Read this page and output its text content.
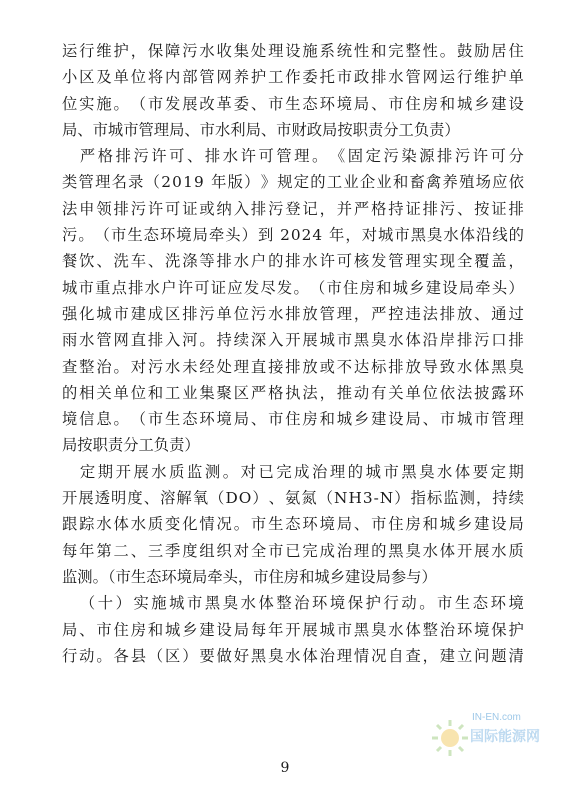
运 行 维 护 ， 保 障 污 水 收 集 处 理 设 施 系 统 性 和 完 整 性 。 鼓 励 居 住
小 区 及 单 位 将 内 部 管 网 养 护 工 作 委 托 市 政 排 水 管 网 运 行 维 护 单
位 实 施 。 （ 市 发 展 改 革 委 、 市 生 态 环 境 局 、 市 住 房 和 城 乡 建 设
局、市城市管理局、市水利局、市财政局按职责分工负责）

严 格 排 污 许 可 、 排 水 许 可 管 理 。 《 固 定 污 染 源 排 污 许 可 分
类 管 理 名 录 （ 2 0 1 9
年 版 ） 》 规 定 的 工 业 企 业 和 畜 禽 养 殖 场 应 依
法 申 领 排 污 许 可 证 或 纳 入 排 污 登 记 ， 并 严 格 持 证 排 污 、 按 证 排
污 。 （ 市 生 态 环 境 局 牵 头 ） 到
2 0 2 4
年 ， 对 城 市 黑 臭 水 体 沿 线 的
餐 饮 、 洗 车 、 洗 涤 等 排 水 户 的 排 水 许 可 核 发 管 理 实 现 全 覆 盖 ，
城 市 重 点 排 水 户 许 可 证 应 发 尽 发 。 （ 市 住 房 和 城 乡 建 设 局 牵 头 ）
强 化 城 市 建 成 区 排 污 单 位 污 水 排 放 管 理 ， 严 控 违 法 排 放 、 通 过
雨 水 管 网 直 排 入 河 。 持 续 深 入 开 展 城 市 黑 臭 水 体 沿 岸 排 污 口 排
查 整 治 。 对 污 水 未 经 处 理 直 接 排 放 或 不 达 标 排 放 导 致 水 体 黑 臭
的 相 关 单 位 和 工 业 集 聚 区 严 格 执 法 ， 推 动 有 关 单 位 依 法 披 露 环
境 信 息 。 （ 市 生 态 环 境 局 、 市 住 房 和 城 乡 建 设 局 、 市 城 市 管 理
局按职责分工负责）

定 期 开 展 水 质 监 测 。 对 已 完 成 治 理 的 城 市 黑 臭 水 体 要 定 期
开 展 透 明 度 、 溶 解 氧 （ D O ） 、 氨 氮 （ N H 3 - N ） 指 标 监 测 ， 持 续
跟 踪 水 体 水 质 变 化 情 况 。 市 生 态 环 境 局 、 市 住 房 和 城 乡 建 设 局
每 年 第 二 、 三 季 度 组 织 对 全 市 已 完 成 治 理 的 黑 臭 水 体 开 展 水 质
监测。（市生态环境局牵头，市住房和城乡建设局参与）

（ 十 ） 实 施 城 市 黑 臭 水 体 整 治 环 境 保 护 行 动 。 市 生 态 环 境
局 、 市 住 房 和 城 乡 建 设 局 每 年 开 展 城 市 黑 臭 水 体 整 治 环 境 保 护
行 动 。 各 县 （ 区 ） 要 做 好 黑 臭 水 体 治 理 情 况 自 查 ， 建 立 问 题 清
9
IN-EN.com
国际能源网
